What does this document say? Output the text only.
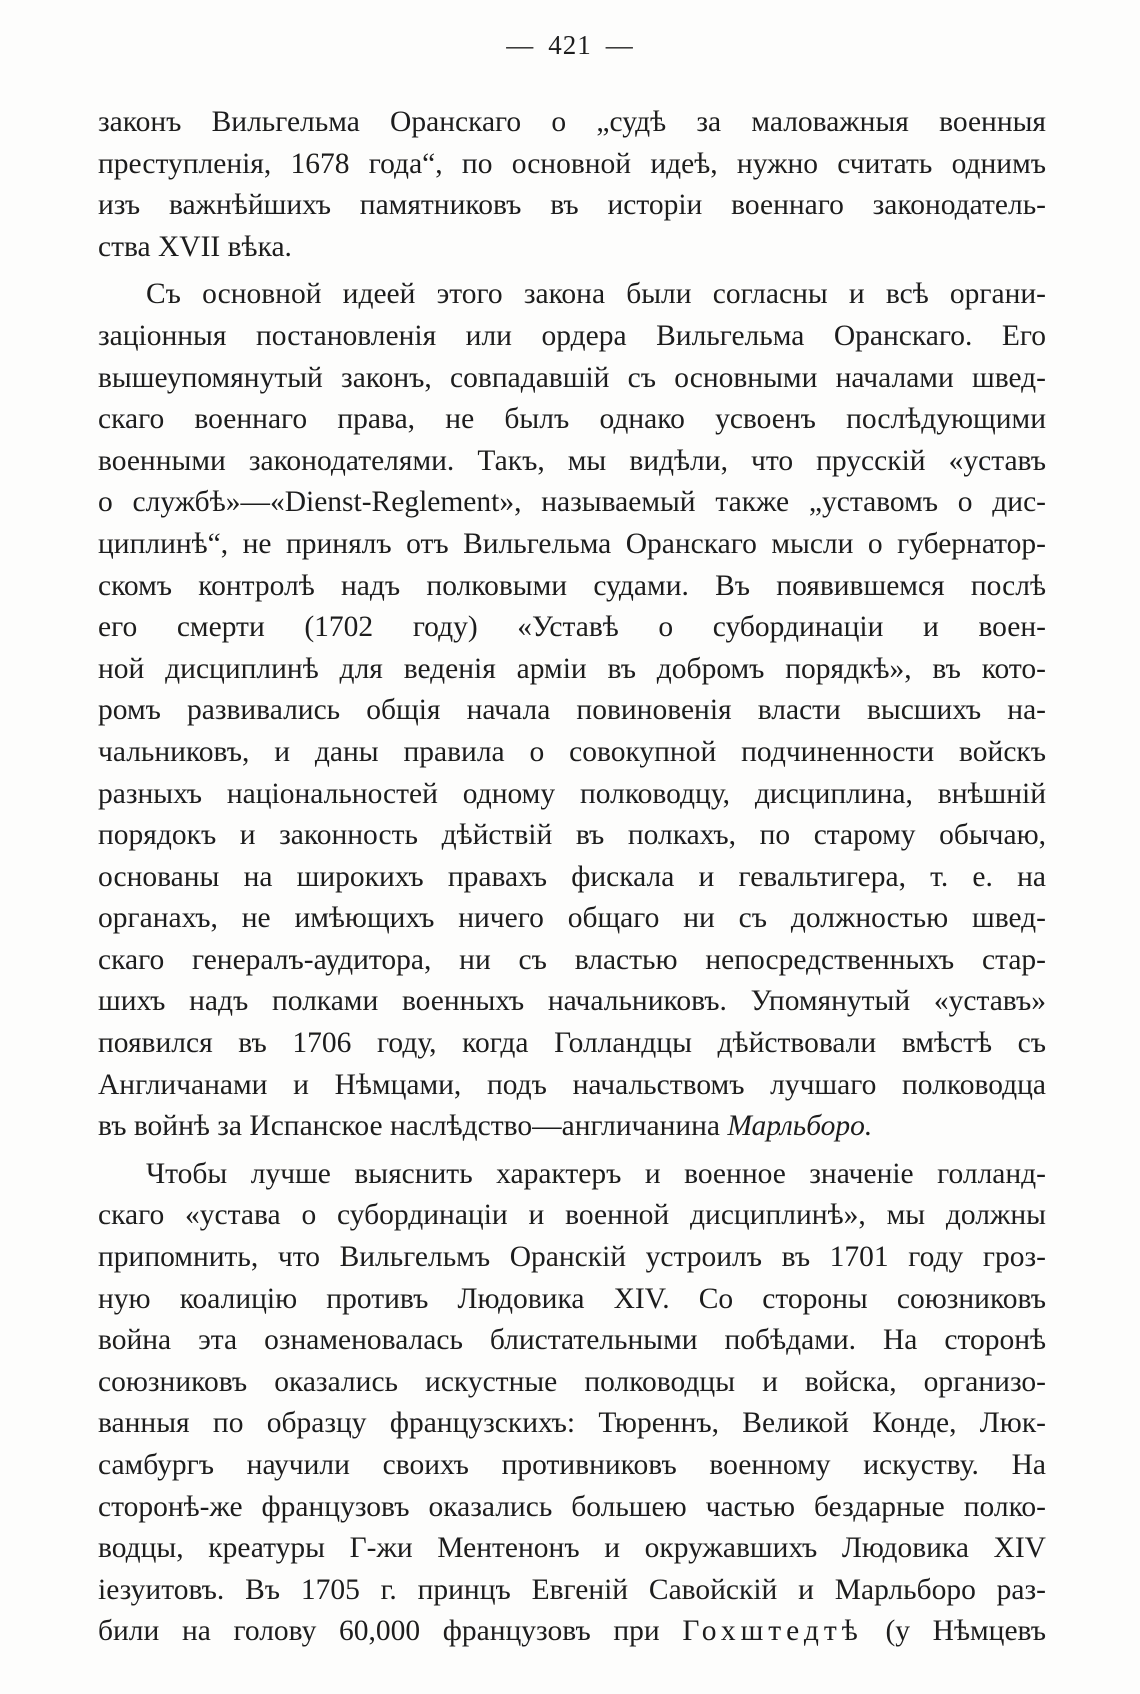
— 421 —

законъ Вильгельма Оранскаго о „судѣ за маловажныя военныя
преступленія, 1678 года“, по основной идеѣ, нужно считать однимъ
изъ важнѣйшихъ памятниковъ въ исторіи военнаго законодатель-
ства XVII вѣка.

Съ основной идеей этого закона были согласны и всѣ органи-
заціонныя постановленія или ордера Вильгельма Оранскаго. Его
вышеупомянутый законъ, совпадавшій съ основными началами швед-
скаго военнаго права, не былъ однако усвоенъ послѣдующими
военными законодателями. Такъ, мы видѣли, что прусскій «уставъ
о службѣ»—«Dienst-Reglement», называемый также „уставомъ о дис-
циплинѣ“, не принялъ отъ Вильгельма Оранскаго мысли о губернатор-
скомъ контролѣ надъ полковыми судами. Въ появившемся послѣ
его смерти (1702 году) «Уставѣ о субординаціи и воен-
ной дисциплинѣ для веденія арміи въ добромъ порядкѣ», въ кото-
ромъ развивались общія начала повиновенія власти высшихъ на-
чальниковъ, и даны правила о совокупной подчиненности войскъ
разныхъ національностей одному полководцу, дисциплина, внѣшній
порядокъ и законность дѣйствій въ полкахъ, по старому обычаю,
основаны на широкихъ правахъ фискала и гевальтигера, т. е. на
органахъ, не имѣющихъ ничего общаго ни съ должностью швед-
скаго генералъ-аудитора, ни съ властью непосредственныхъ стар-
шихъ надъ полками военныхъ начальниковъ. Упомянутый «уставъ»
появился въ 1706 году, когда Голландцы дѣйствовали вмѣстѣ съ
Англичанами и Нѣмцами, подъ начальствомъ лучшаго полководца
въ войнѣ за Испанское наслѣдство—англичанина Марльборо.

Чтобы лучше выяснить характеръ и военное значеніе голланд-
скаго «устава о субординаціи и военной дисциплинѣ», мы должны
припомнить, что Вильгельмъ Оранскій устроилъ въ 1701 году гроз-
ную коалицію противъ Людовика XIV. Со стороны союзниковъ
война эта ознаменовалась блистательными побѣдами. На сторонѣ
союзниковъ оказались искустные полководцы и войска, организо-
ванныя по образцу французскихъ: Тюреннъ, Великой Конде, Люк-
самбургъ научили своихъ противниковъ военному искуству. На
сторонѣ-же французовъ оказались большею частью бездарные полко-
водцы, креатуры Г-жи Ментенонъ и окружавшихъ Людовика XIV
іезуитовъ. Въ 1705 г. принцъ Евгеній Савойскій и Марльборо раз-
били на голову 60,000 французовъ при Гохштедтѣ (у Нѣмцевъ
